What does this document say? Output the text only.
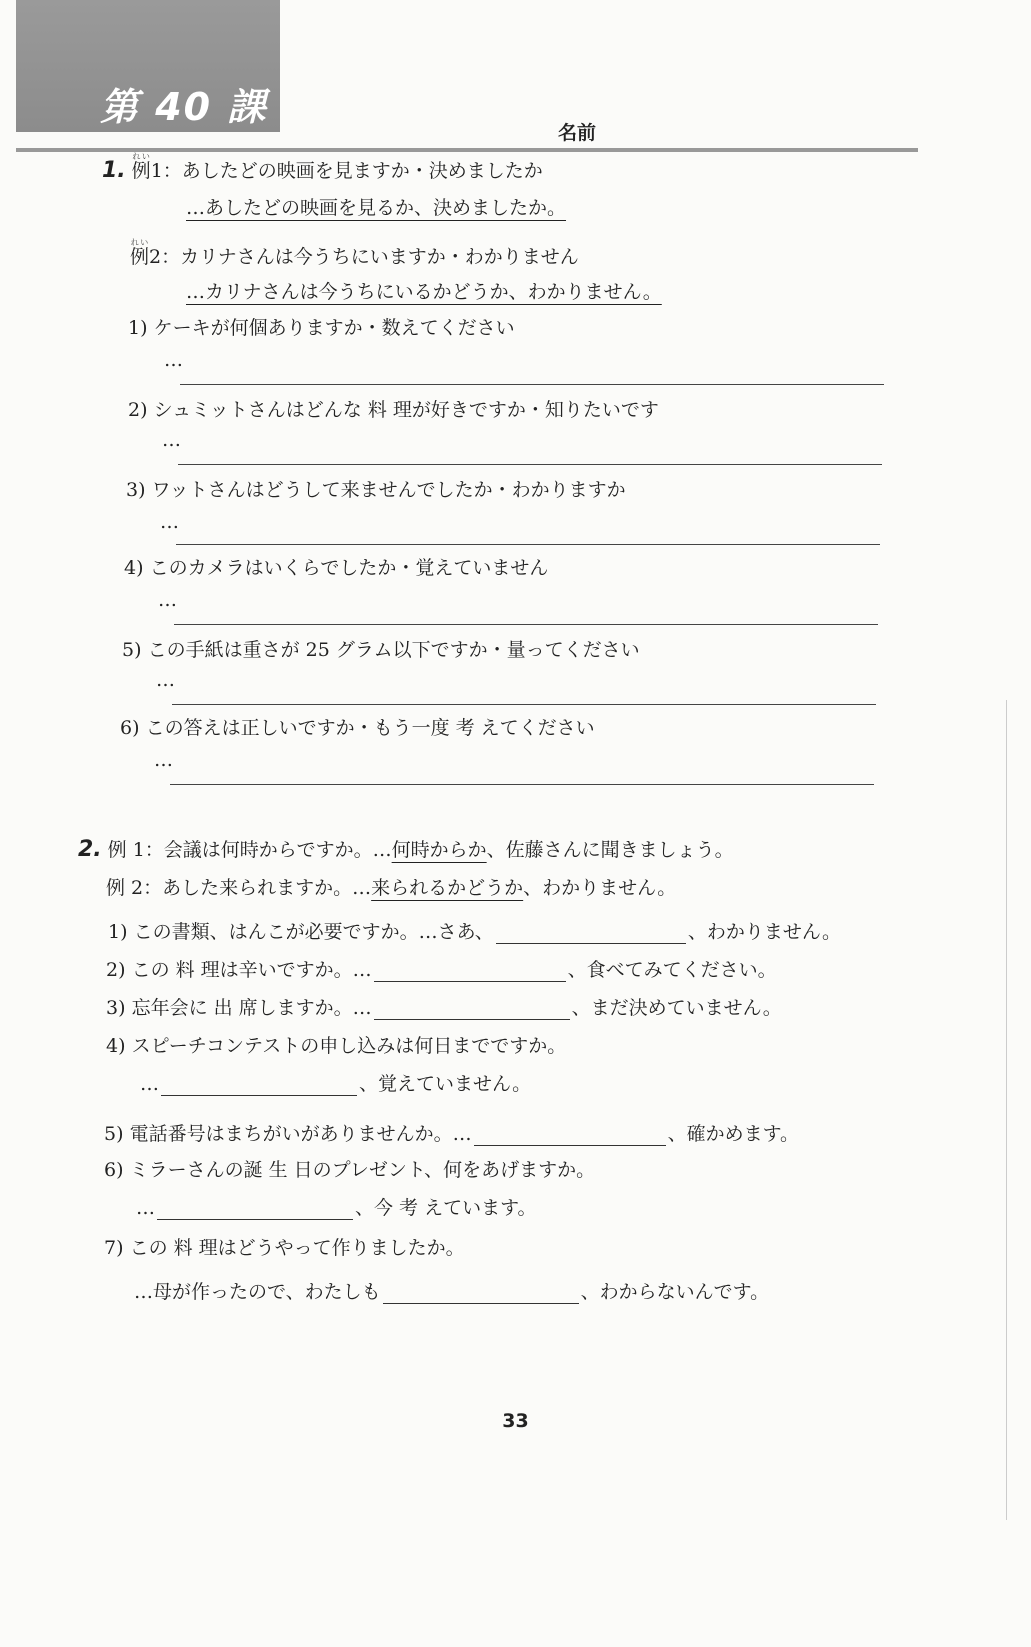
第 40 課
名前
1. 例れい1：あしたどの映画を見ますか・決めましたか
…あしたどの映画を見るか、決めましたか。
例れい2：カリナさんは今うちにいますか・わかりません
…カリナさんは今うちにいるかどうか、わかりません。
1) ケーキが何個ありますか・数えてください
…
2) シュミットさんはどんな 料 理が好きですか・知りたいです
…
3) ワットさんはどうして来ませんでしたか・わかりますか
…
4) このカメラはいくらでしたか・覚えていません
…
5) この手紙は重さが 25 グラム以下ですか・量ってください
…
6) この答えは正しいですか・もう一度 考 えてください
…
2. 例 1：会議は何時からですか。…何時からか、佐藤さんに聞きましょう。
例 2：あした来られますか。…来られるかどうか、わかりません。
1) この書類、はんこが必要ですか。…さあ、	、わかりません。
2) この 料 理は辛いですか。…	、食べてみてください。
3) 忘年会に 出 席しますか。…	、まだ決めていません。
4) スピーチコンテストの申し込みは何日までですか。
…	、覚えていません。
5) 電話番号はまちがいがありませんか。…	、確かめます。
6) ミラーさんの誕 生 日のプレゼント、何をあげますか。
…	、今 考 えています。
7) この 料 理はどうやって作りましたか。
…母が作ったので、わたしも	、わからないんです。
33
